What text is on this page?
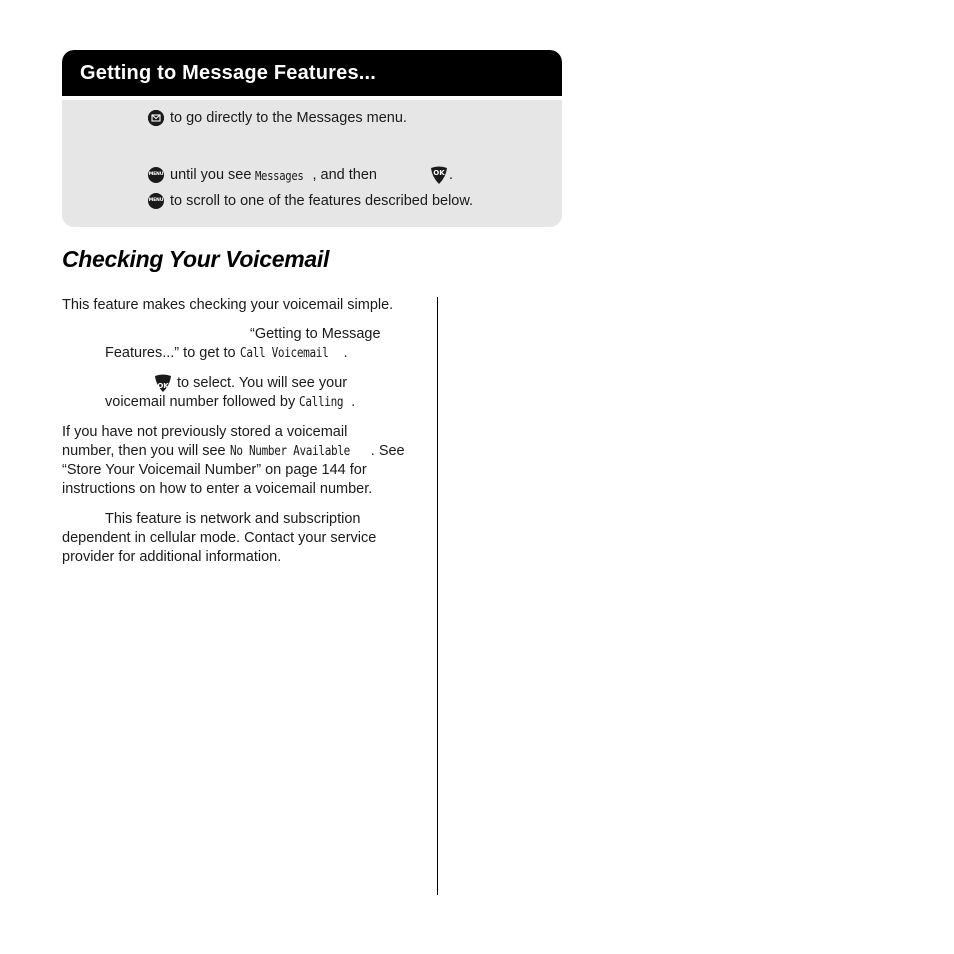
Getting to Message Features...
to go directly to the Messages menu.
MENU until you see
Messages , and then	OK .
MENU to scroll to one of the features described below.
Checking Your Voicemail
This feature makes checking your voicemail simple.
“Getting to Message
Features...” to get to Call Voicemail .
OK
to select. You will see your
voicemail number followed by Calling .
If you have not previously stored a voicemail
number, then you will see No Number Available . See
“Store Your Voicemail Number” on page 144 for
instructions on how to enter a voicemail number.
This feature is network and subscription
dependent in cellular mode. Contact your service
provider for additional information.
